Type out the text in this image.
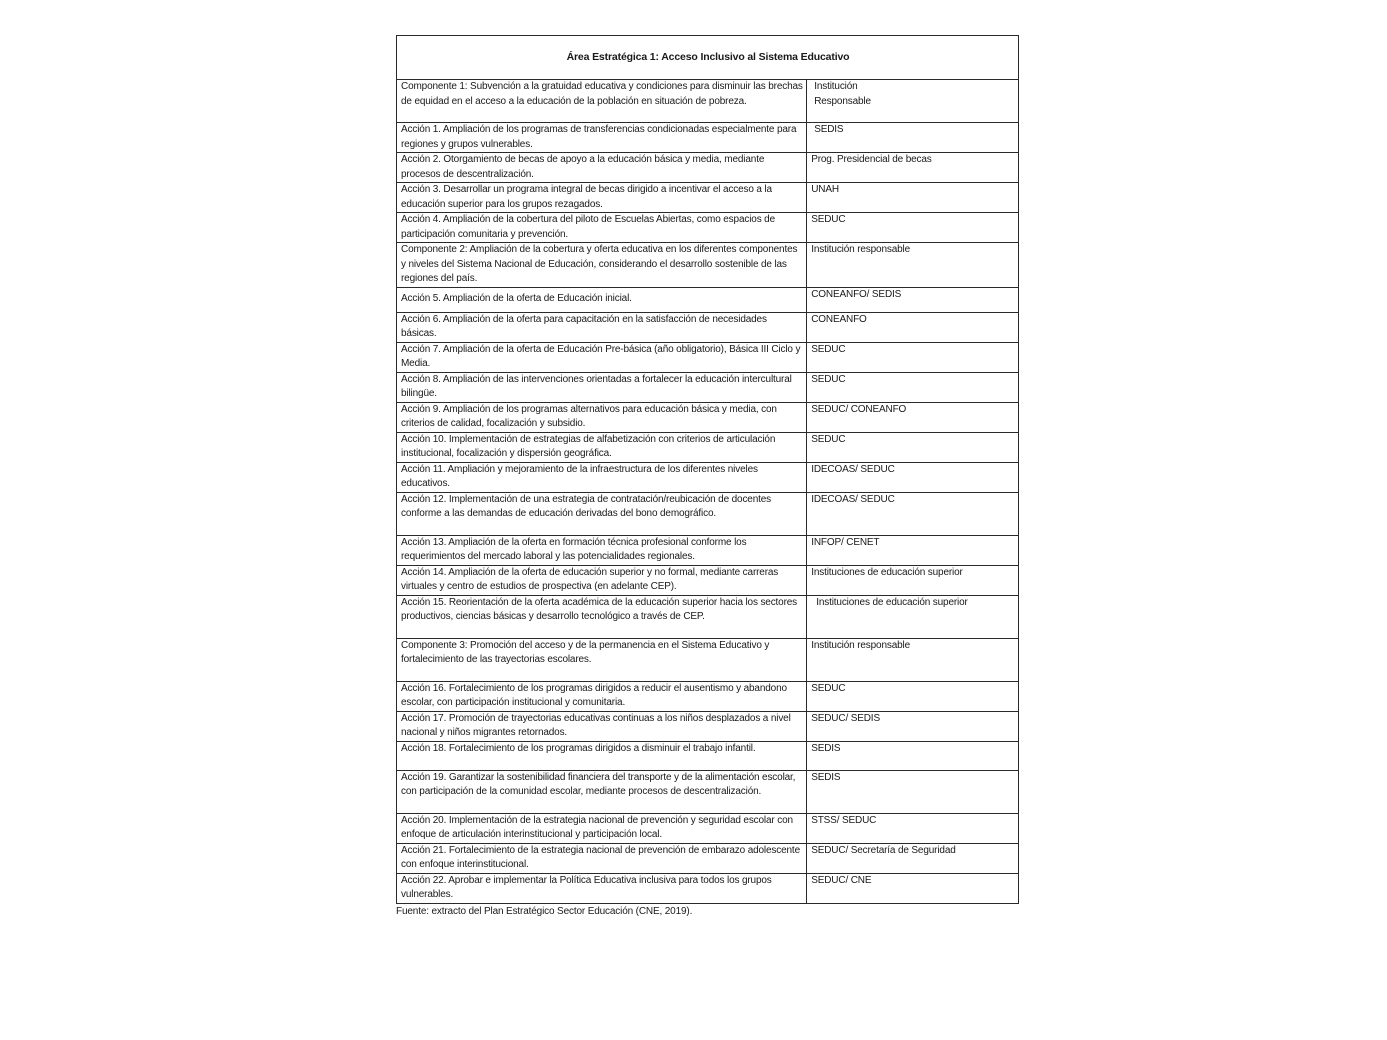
Área Estratégica 1: Acceso Inclusivo al Sistema Educativo	
Componente 1: Subvención a la gratuidad educativa y condiciones para disminuir las brechas de equidad en el acceso a la educación de la población en situación de pobreza.	Institución Responsable
Acción 1. Ampliación de los programas de transferencias condicionadas especialmente para regiones y grupos vulnerables.	SEDIS
Acción 2. Otorgamiento de becas de apoyo a la educación básica y media, mediante procesos de descentralización.	Prog. Presidencial de becas
Acción 3. Desarrollar un programa integral de becas dirigido a incentivar el acceso a la educación superior para los grupos rezagados.	UNAH
Acción 4. Ampliación de la cobertura del piloto de Escuelas Abiertas, como espacios de participación comunitaria y prevención.	SEDUC
Componente 2: Ampliación de la cobertura y oferta educativa en los diferentes componentes y niveles del Sistema Nacional de Educación, considerando el desarrollo sostenible de las regiones del país.	Institución responsable
Acción 5. Ampliación de la oferta de Educación inicial.	CONEANFO/ SEDIS
Acción 6. Ampliación de la oferta para capacitación en la satisfacción de necesidades básicas.	CONEANFO
Acción 7. Ampliación de la oferta de Educación Pre-básica (año obligatorio), Básica III Ciclo y Media.	SEDUC
Acción 8. Ampliación de las intervenciones orientadas a fortalecer la educación intercultural bilingüe.	SEDUC
Acción 9. Ampliación de los programas alternativos para educación básica y media, con criterios de calidad, focalización y subsidio.	SEDUC/ CONEANFO
Acción 10. Implementación de estrategias de alfabetización con criterios de articulación institucional, focalización y dispersión geográfica.	SEDUC
Acción 11. Ampliación y mejoramiento de la infraestructura de los diferentes niveles educativos.	IDECOAS/ SEDUC
Acción 12. Implementación de una estrategia de contratación/reubicación de docentes conforme a las demandas de educación derivadas del bono demográfico.	IDECOAS/ SEDUC
Acción 13. Ampliación de la oferta en formación técnica profesional conforme los requerimientos del mercado laboral y las potencialidades regionales.	INFOP/ CENET
Acción 14. Ampliación de la oferta de educación superior y no formal, mediante carreras virtuales y centro de estudios de prospectiva (en adelante CEP).	Instituciones de educación superior
Acción 15. Reorientación de la oferta académica de la educación superior hacia los sectores productivos, ciencias básicas y desarrollo tecnológico a través de CEP.	Instituciones de educación superior
Componente 3: Promoción del acceso y de la permanencia en el Sistema Educativo y fortalecimiento de las trayectorias escolares.	Institución responsable
Acción 16. Fortalecimiento de los programas dirigidos a reducir el ausentismo y abandono escolar, con participación institucional y comunitaria.	SEDUC
Acción 17. Promoción de trayectorias educativas continuas a los niños desplazados a nivel nacional y niños migrantes retornados.	SEDUC/ SEDIS
Acción 18. Fortalecimiento de los programas dirigidos a disminuir el trabajo infantil.	SEDIS
Acción 19. Garantizar la sostenibilidad financiera del transporte y de la alimentación escolar, con participación de la comunidad escolar, mediante procesos de descentralización.	SEDIS
Acción 20. Implementación de la estrategia nacional de prevención y seguridad escolar con enfoque de articulación interinstitucional y participación local.	STSS/ SEDUC
Acción 21. Fortalecimiento de la estrategia nacional de prevención de embarazo adolescente con enfoque interinstitucional.	SEDUC/ Secretaría de Seguridad
Acción 22. Aprobar e implementar la Política Educativa inclusiva para todos los grupos vulnerables.	SEDUC/ CNE
Fuente: extracto del Plan Estratégico Sector Educación (CNE, 2019).
